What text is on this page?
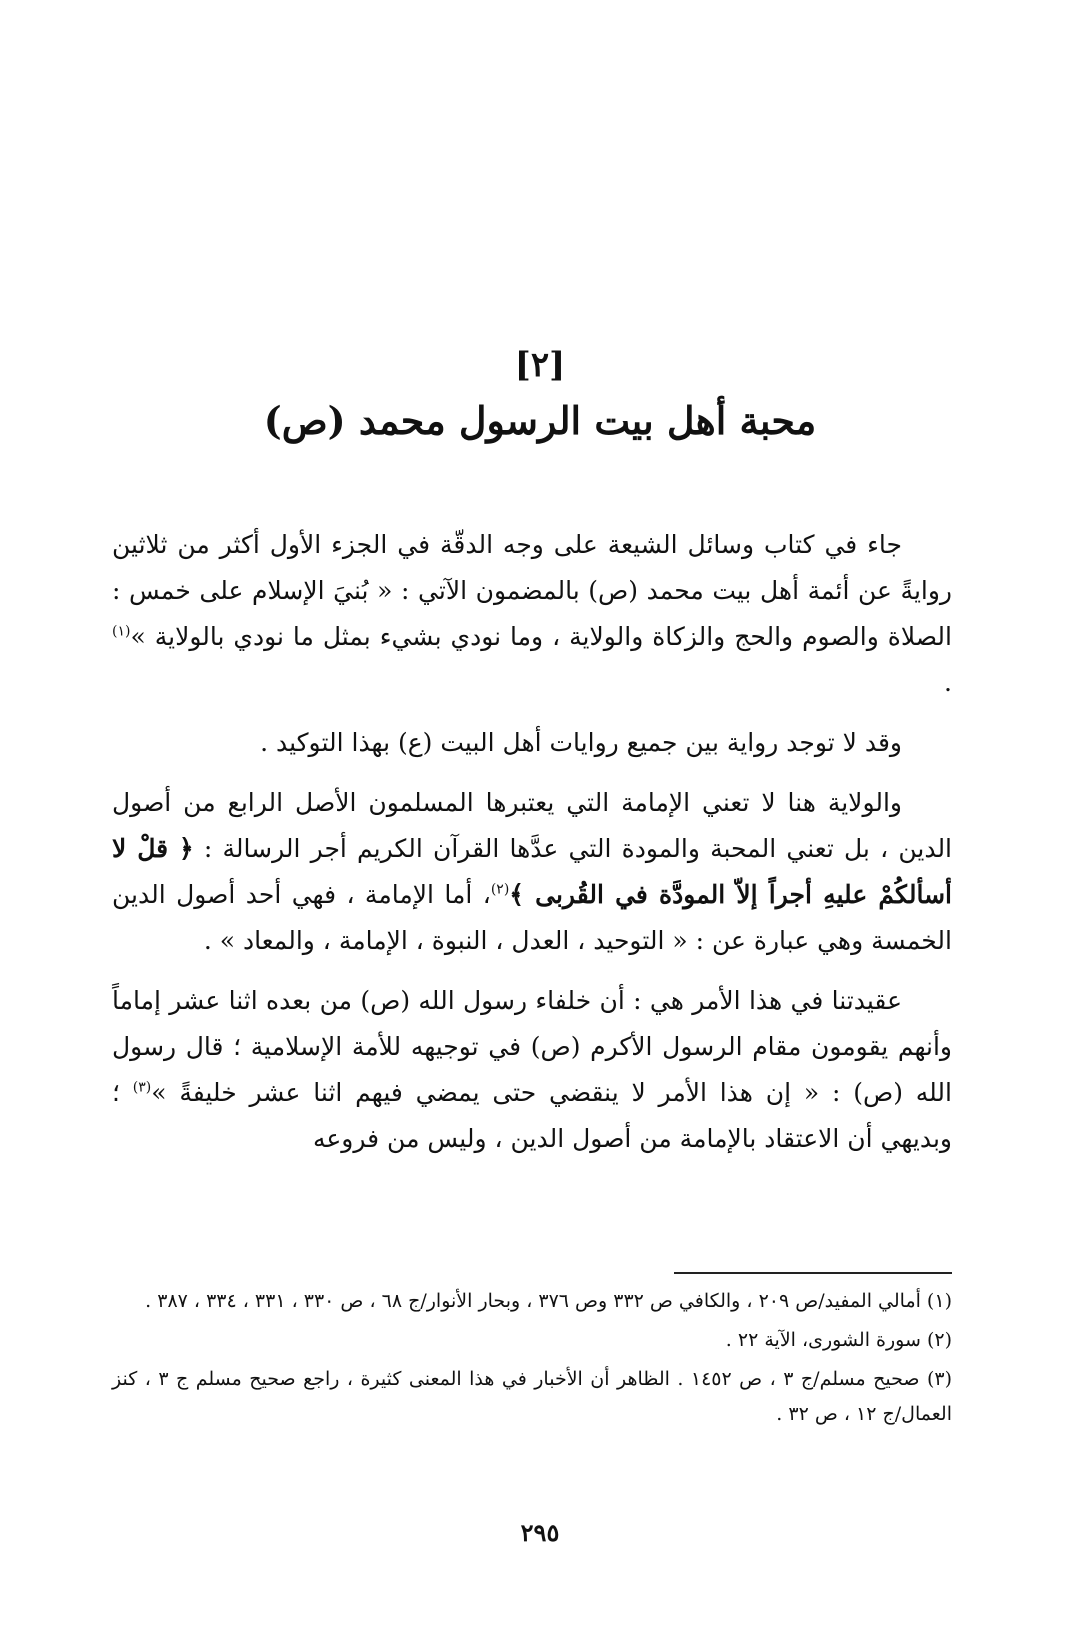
[٢]
محبة أهل بيت الرسول محمد (ص)

جاء في كتاب وسائل الشيعة على وجه الدقّة في الجزء الأول أكثر من ثلاثين روايةً عن أئمة أهل بيت محمد (ص) بالمضمون الآتي : « بُنيَ الإسلام على خمس : الصلاة والصوم والحج والزكاة والولاية ، وما نودي بشيء بمثل ما نودي بالولاية »$^{(١)}$ .

وقد لا توجد رواية بين جميع روايات أهل البيت (ع) بهذا التوكيد .

والولاية هنا لا تعني الإمامة التي يعتبرها المسلمون الأصل الرابع من أصول الدين ، بل تعني المحبة والمودة التي عدَّها القرآن الكريم أجر الرسالة : ﴿ قلْ لا أسألكُمْ عليهِ أجراً إلاّ المودَّة في القُربى ﴾$^{(٢)}$، أما الإمامة ، فهي أحد أصول الدين الخمسة وهي عبارة عن : « التوحيد ، العدل ، النبوة ، الإمامة ، والمعاد » .

عقيدتنا في هذا الأمر هي : أن خلفاء رسول الله (ص) من بعده اثنا عشر إماماً وأنهم يقومون مقام الرسول الأكرم (ص) في توجيهه للأمة الإسلامية ؛ قال رسول الله (ص) : « إن هذا الأمر لا ينقضي حتى يمضي فيهم اثنا عشر خليفةً »$^{(٣)}$ ؛ وبديهي أن الاعتقاد بالإمامة من أصول الدين ، وليس من فروعه

(١) أمالي المفيد/ص ٢٠٩ ، والكافي ص ٣٣٢ وص ٣٧٦ ، وبحار الأنوار/ج ٦٨ ، ص ٣٣٠ ، ٣٣١ ، ٣٣٤ ، ٣٨٧ .

(٢) سورة الشورى، الآية ٢٢ .

(٣) صحيح مسلم/ج ٣ ، ص ١٤٥٢ . الظاهر أن الأخبار في هذا المعنى كثيرة ، راجع صحيح مسلم ج ٣ ، كنز العمال/ج ١٢ ، ص ٣٢ .

٢٩٥
